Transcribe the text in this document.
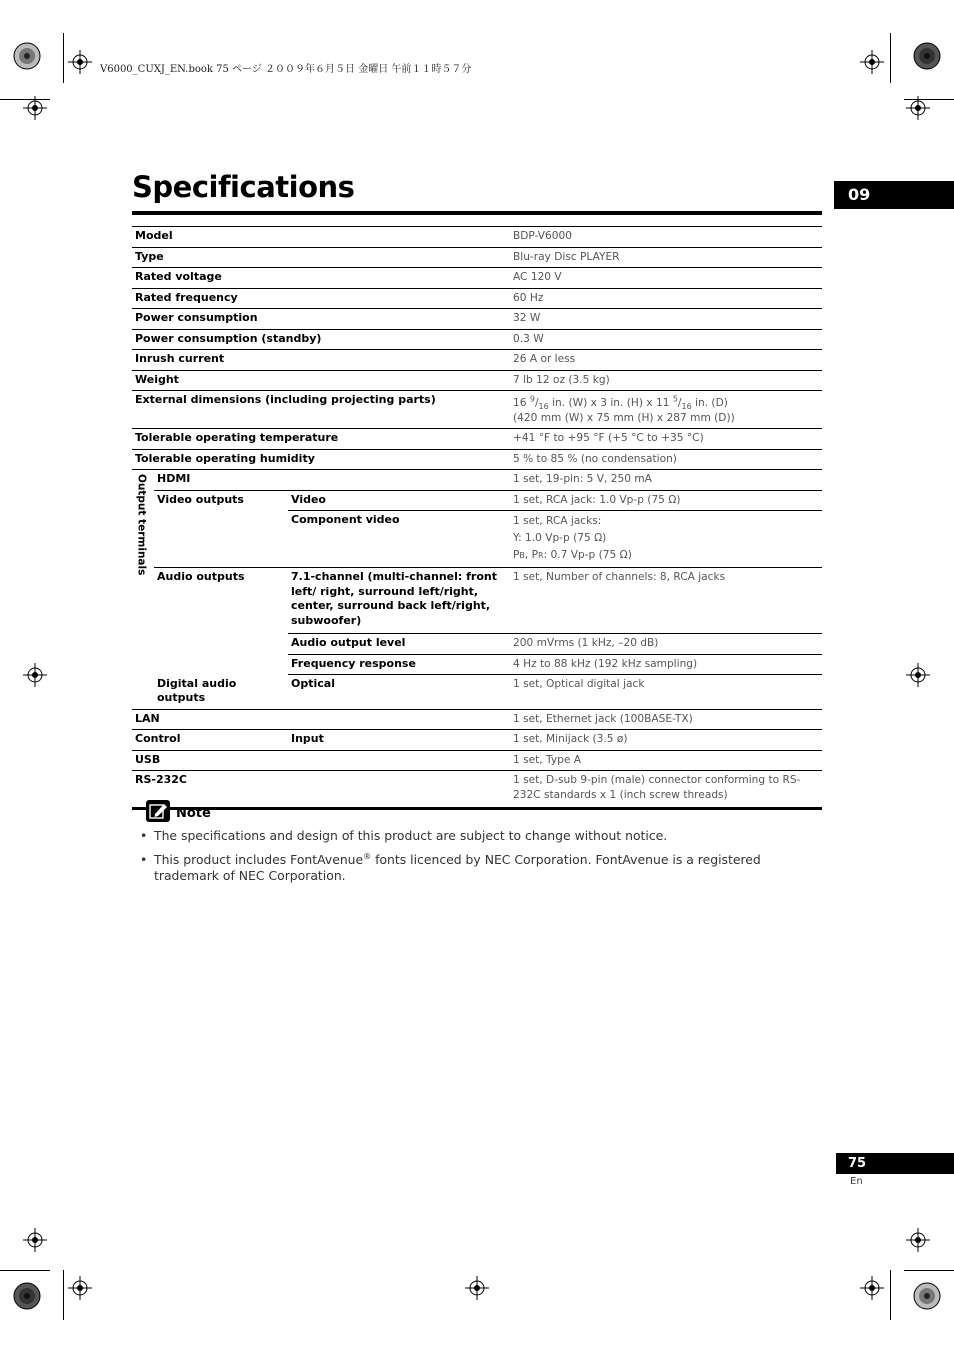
V6000_CUXJ_EN.book 75 ページ ２００９年６月５日 金曜日 午前１１時５７分
Specifications	09
Model			BDP-V6000
Type			Blu-ray Disc PLAYER
Rated voltage			AC 120 V
Rated frequency			60 Hz
Power consumption			32 W
Power consumption (standby)			0.3 W
Inrush current			26 A or less
Weight			7 lb 12 oz (3.5 kg)
External dimensions (including projecting parts)			16 $^9/_{16}$ in. (W) x 3 in. (H) x 11 $^5/_{16}$ in. (D)
(420 mm (W) x 75 mm (H) x 287 mm (D))
Tolerable operating temperature			+41 °F to +95 °F (+5 °C to +35 °C)
Tolerable operating humidity			5 % to 85 % (no condensation)

Output terminals	HDMI		1 set, 19-pin: 5 V, 250 mA
	Video outputs	Video	1 set, RCA jack: 1.0 Vp-p (75 Ω)
		Component video	1 set, RCA jacks:
Y: 1.0 Vp-p (75 Ω)
PB, PR: 0.7 Vp-p (75 Ω)
	Audio outputs	7.1-channel (multi-channel: front left/ right, surround left/right, center, surround back left/right, subwoofer)	1 set, Number of channels: 8, RCA jacks
		Audio output level	200 mVrms (1 kHz, –20 dB)
		Frequency response	4 Hz to 88 kHz (192 kHz sampling)
	Digital audio outputs	Optical	1 set, Optical digital jack

LAN			1 set, Ethernet jack (100BASE-TX)
Control		Input	1 set, Minijack (3.5 ø)
USB			1 set, Type A
RS-232C			1 set, D-sub 9-pin (male) connector conforming to RS-232C standards x 1 (inch screw threads)
Note
• The specifications and design of this product are subject to change without notice.
• This product includes FontAvenue® fonts licenced by NEC Corporation. FontAvenue is a registered trademark of NEC Corporation.
75
En
